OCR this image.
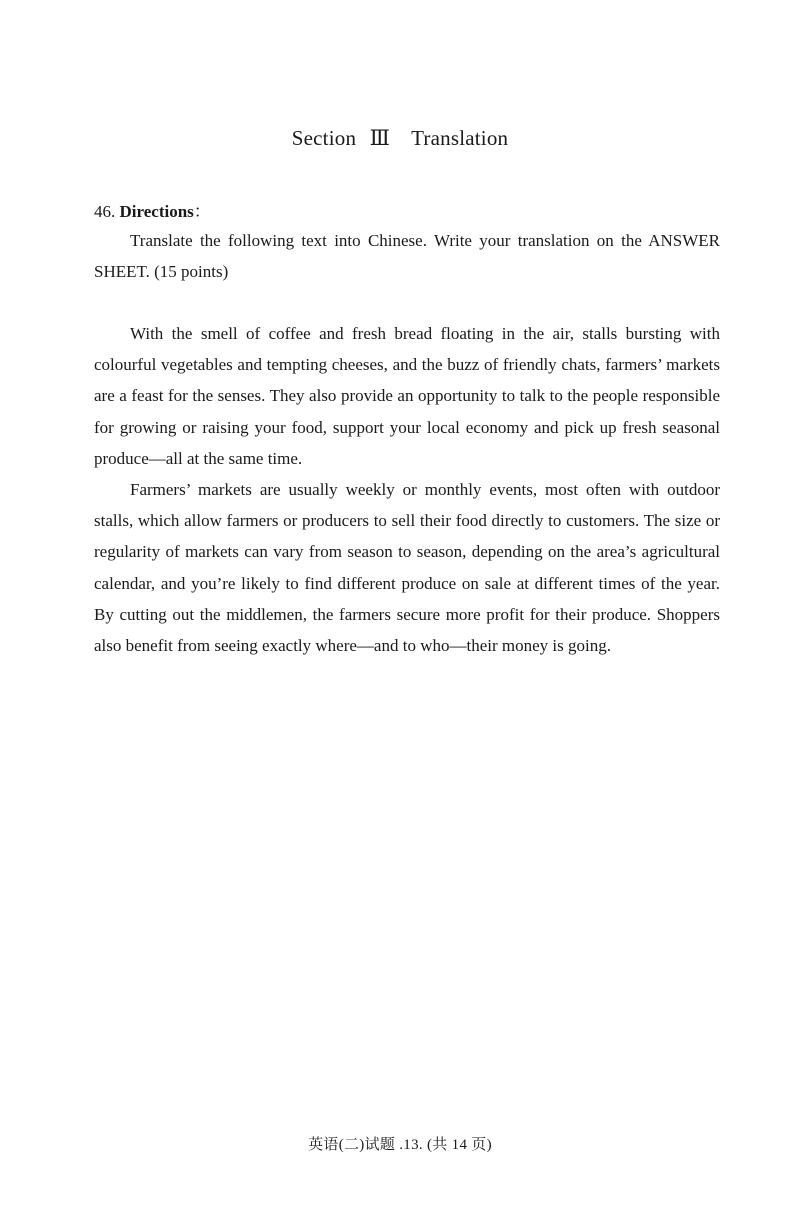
Section Ⅲ Translation
46. Directions：

Translate the following text into Chinese. Write your translation on the ANSWER SHEET. (15 points)

With the smell of coffee and fresh bread floating in the air, stalls bursting with colourful vegetables and tempting cheeses, and the buzz of friendly chats, farmers’ markets are a feast for the senses. They also provide an opportunity to talk to the people responsible for growing or raising your food, support your local economy and pick up fresh seasonal produce—all at the same time.

Farmers’ markets are usually weekly or monthly events, most often with outdoor stalls, which allow farmers or producers to sell their food directly to customers. The size or regularity of markets can vary from season to season, depending on the area’s agricultural calendar, and you’re likely to find different produce on sale at different times of the year. By cutting out the middlemen, the farmers secure more profit for their produce. Shoppers also benefit from seeing exactly where—and to who—their money is going.

英语(二)试题 .13. (共 14 页)
